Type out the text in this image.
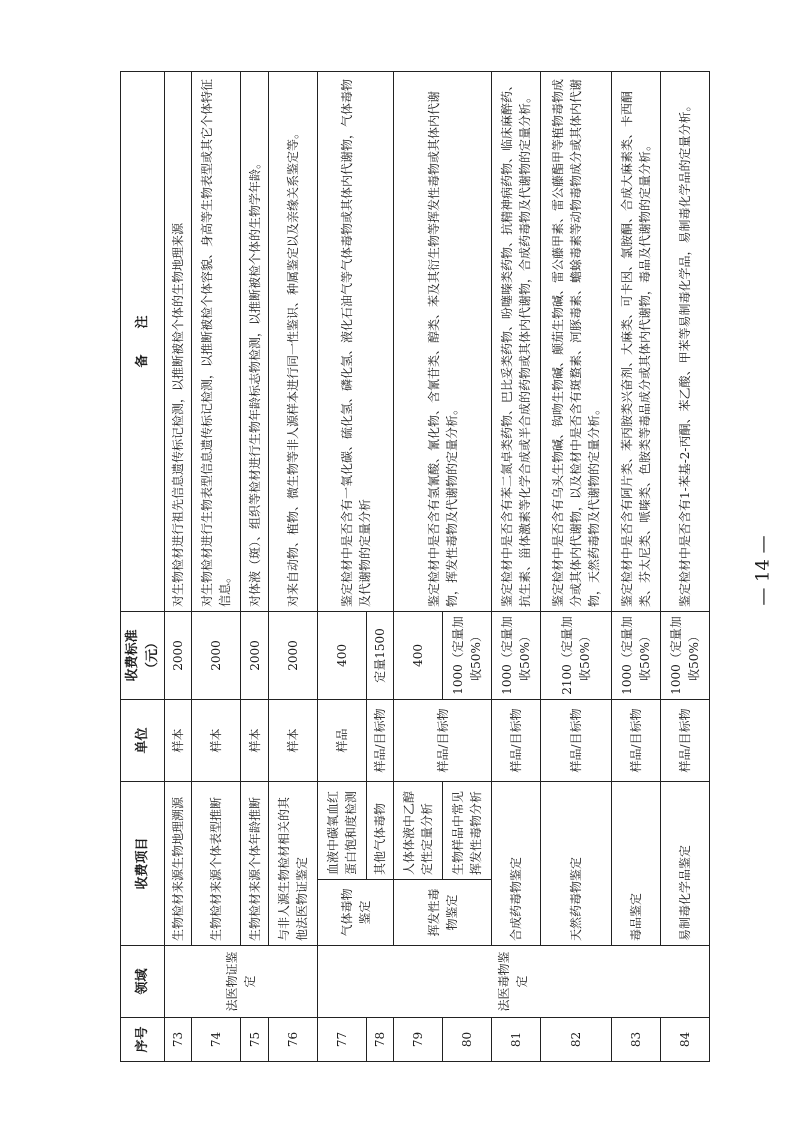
序号	领域	收费项目		单位	收费标准（元）	备　　注
73	法医物证鉴定	生物检材来源生物地理溯源		样本	2000	对生物检材进行祖先信息遗传标记检测，以推断被检个体的生物地理来源
74		生物检材来源个体表型推断		样本	2000	对生物检材进行生物表型信息遗传标记检测，以推断被检个体容貌、身高等生物表型或其它个体特征信息。
75		生物检材来源个体年龄推断		样本	2000	对体液（斑）、组织等检材进行生物年龄标志物检测，以推断被检个体的生物学年龄。
76		与非人源生物检材相关的其他法医物证鉴定		样本	2000	对来自动物、植物、微生物等非人源样本进行同一性鉴识、种属鉴定以及亲缘关系鉴定等。
77	法医毒物鉴定	气体毒物鉴定	血液中碳氧血红蛋白饱和度检测	样品	400	鉴定检材中是否含有一氧化碳、硫化氢、磷化氢、液化石油气等气体毒物或其体内代谢物，气体毒物及代谢物的定量分析
78			其他气体毒物	样品/目标物	定量1500	
79		挥发性毒物鉴定	人体体液中乙醇定性定量分析	样品/目标物	400	鉴定检材中是否含有氢氰酸、氰化物、含氰苷类、醇类、苯及其衍生物等挥发性毒物或其体内代谢物，挥发性毒物及代谢物的定量分析。
80			生物样品中常见挥发性毒物分析		1000（定量加收50%）	
81		合成药毒物鉴定		样品/目标物	1000（定量加收50%）	鉴定检材中是否含有苯二氮卓类药物、巴比妥类药物、吩噻嗪类药物、抗精神病药物、临床麻醉药、抗生素、甾体激素等化学合成或半合成的药物或其体内代谢物，合成药毒物及代谢物的定量分析。
82		天然药毒物鉴定		样品/目标物	2100（定量加收50%）	鉴定检材中是否含有乌头生物碱、钩吻生物碱、颠茄生物碱、雷公藤甲素、雷公藤酯甲等植物毒物成分或其体内代谢物，以及检材中是否含有斑蝥素、河豚毒素、蟾蜍毒素等动物毒物成分或其体内代谢物，天然药毒物及代谢物的定量分析。
83		毒品鉴定		样品/目标物	1000（定量加收50%）	鉴定检材中是否含有阿片类、苯丙胺类兴奋剂、大麻类、可卡因、氯胺酮、合成大麻素类、卡西酮类、芬太尼类、哌嗪类、色胺类等毒品成分或其体内代谢物，毒品及代谢物的定量分析。
84		易制毒化学品鉴定		样品/目标物	1000（定量加收50%）	鉴定检材中是否含有1-苯基-2-丙酮、苯乙酸、甲苯等易制毒化学品，易制毒化学品的定量分析。	— 14 —
